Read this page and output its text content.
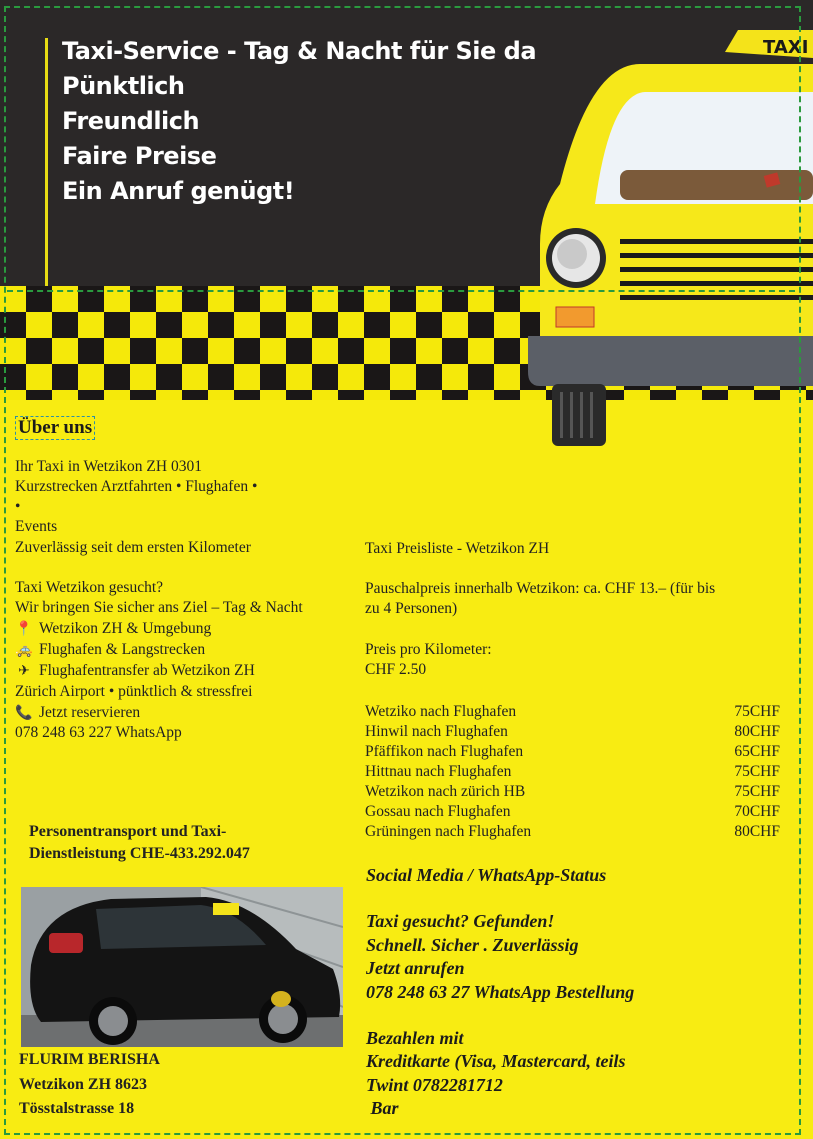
Taxi-Service - Tag & Nacht für Sie da
Pünktlich
Freundlich
Faire Preise
Ein Anruf genügt!
TAXI
Über uns
Ihr Taxi in Wetzikon ZH 0301
Kurzstrecken Arztfahrten • Flughafen •
•
Events
Zuverlässig seit dem ersten Kilometer
Taxi Wetzikon gesucht?
Wir bringen Sie sicher ans Ziel – Tag & Nacht
📍 Wetzikon ZH & Umgebung
🚕 Flughafen & Langstrecken
✈ Flughafentransfer ab Wetzikon ZH
Zürich Airport • pünktlich & stressfrei
📞 Jetzt reservieren
078 248 63 227 WhatsApp
Personentransport und Taxi-
Dienstleistung CHE-433.292.047
FLURIM BERISHA
Wetzikon ZH 8623
Tösstalstrasse 18
Taxi Preisliste - Wetzikon ZH
Pauschalpreis innerhalb Wetzikon: ca. CHF 13.– (für bis
zu 4 Personen)
Preis pro Kilometer:
CHF 2.50
Wetziko nach Flughafen	75CHF
Hinwil nach Flughafen	80CHF
Pfäffikon nach Flughafen	65CHF
Hittnau nach Flughafen	75CHF
Wetzikon nach zürich HB	75CHF
Gossau nach Flughafen	70CHF
Grüningen nach Flughafen	80CHF
Social Media / WhatsApp-Status
Taxi gesucht? Gefunden!
Schnell. Sicher . Zuverlässig
Jetzt anrufen
078 248 63 27 WhatsApp Bestellung
Bezahlen mit
Kreditkarte (Visa, Mastercard, teils
Twint 0782281712
Bar
